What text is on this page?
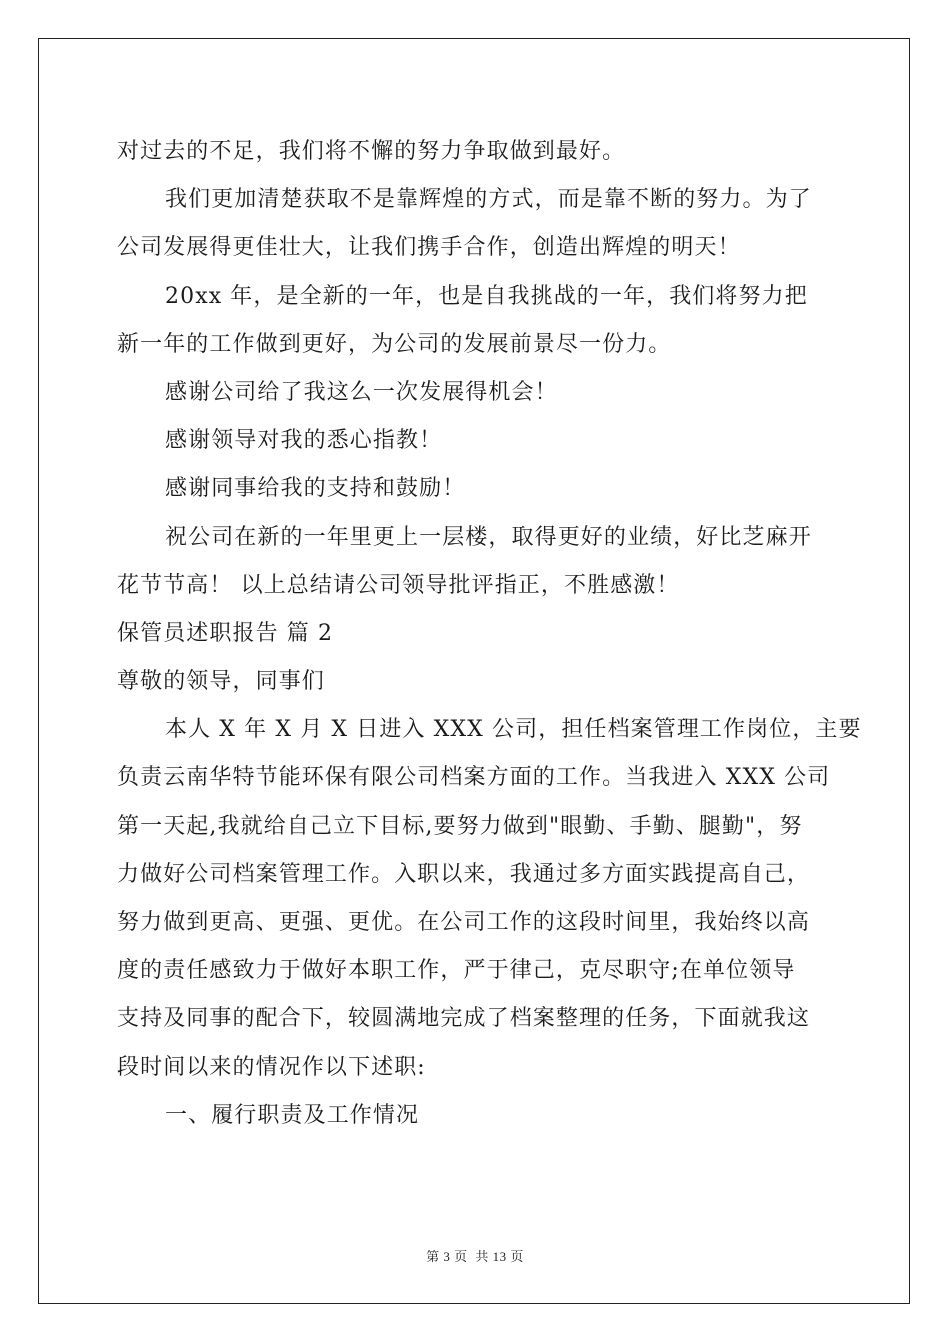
对过去的不足，我们将不懈的努力争取做到最好。
我们更加清楚获取不是靠辉煌的方式，而是靠不断的努力。为了
公司发展得更佳壮大，让我们携手合作，创造出辉煌的明天！
20xx 年，是全新的一年，也是自我挑战的一年，我们将努力把
新一年的工作做到更好，为公司的发展前景尽一份力。
感谢公司给了我这么一次发展得机会！
感谢领导对我的悉心指教！
感谢同事给我的支持和鼓励！
祝公司在新的一年里更上一层楼，取得更好的业绩，好比芝麻开
花节节高！ 以上总结请公司领导批评指正，不胜感激！
保管员述职报告 篇 2
尊敬的领导，同事们
本人 X 年 X 月 X 日进入 XXX 公司，担任档案管理工作岗位，主要
负责云南华特节能环保有限公司档案方面的工作。当我进入 XXX 公司
第一天起,我就给自己立下目标,要努力做到"眼勤、手勤、腿勤"，努
力做好公司档案管理工作。入职以来，我通过多方面实践提高自己，
努力做到更高、更强、更优。在公司工作的这段时间里，我始终以高
度的责任感致力于做好本职工作，严于律己，克尽职守;在单位领导
支持及同事的配合下，较圆满地完成了档案整理的任务，下面就我这
段时间以来的情况作以下述职:
一、履行职责及工作情况
第 3 页 共 13 页
